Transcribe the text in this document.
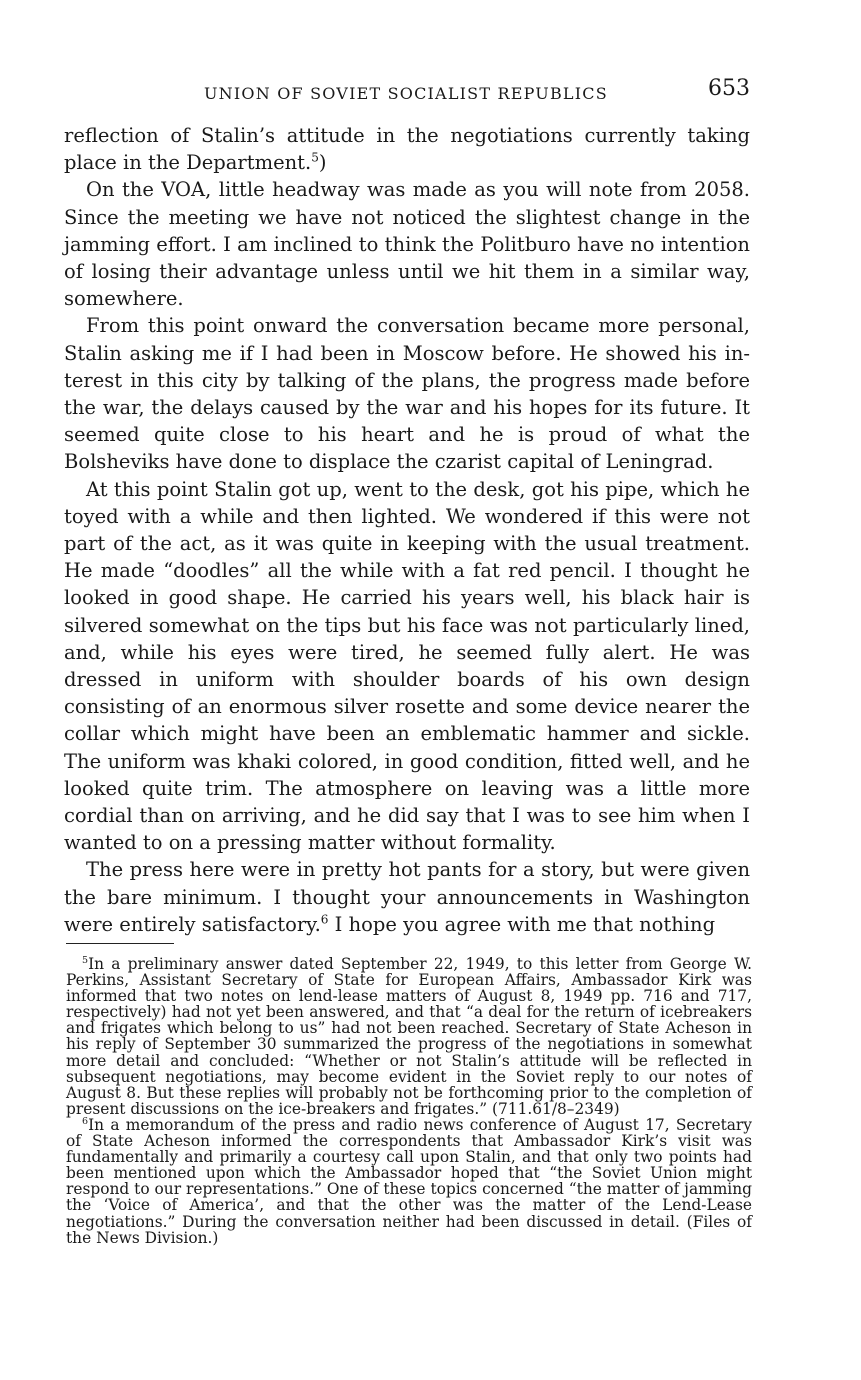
UNION OF SOVIET SOCIALIST REPUBLICS	653

reflection of Stalin’s attitude in the negotiations currently taking place in the Department.$^5$)

On the VOA, little headway was made as you will note from 2058. Since the meeting we have not noticed the slightest change in the jamming effort. I am inclined to think the Politburo have no intention of losing their advantage unless until we hit them in a similar way, somewhere.

From this point onward the conversation became more personal, Stalin asking me if I had been in Moscow before. He showed his interest in this city by talking of the plans, the progress made before the war, the delays caused by the war and his hopes for its future. It seemed quite close to his heart and he is proud of what the Bolsheviks have done to displace the czarist capital of Leningrad.

At this point Stalin got up, went to the desk, got his pipe, which he toyed with a while and then lighted. We wondered if this were not part of the act, as it was quite in keeping with the usual treatment. He made “doodles” all the while with a fat red pencil. I thought he looked in good shape. He carried his years well, his black hair is silvered somewhat on the tips but his face was not particularly lined, and, while his eyes were tired, he seemed fully alert. He was dressed in uniform with shoulder boards of his own design consisting of an enormous silver rosette and some device nearer the collar which might have been an emblematic hammer and sickle. The uniform was khaki colored, in good condition, fitted well, and he looked quite trim. The atmosphere on leaving was a little more cordial than on arriving, and he did say that I was to see him when I wanted to on a pressing matter without formality.

The press here were in pretty hot pants for a story, but were given the bare minimum. I thought your announcements in Washington were entirely satisfactory.$^6$ I hope you agree with me that nothing

$^5$In a preliminary answer dated September 22, 1949, to this letter from George W. Perkins, Assistant Secretary of State for European Affairs, Ambassador Kirk was informed that two notes on lend-lease matters of August 8, 1949 pp. 716 and 717, respectively) had not yet been answered, and that “a deal for the return of icebreakers and frigates which belong to us” had not been reached. Secretary of State Acheson in his reply of September 30 summarized the progress of the negotiations in somewhat more detail and concluded: “Whether or not Stalin’s attitude will be reflected in subsequent negotiations, may become evident in the Soviet reply to our notes of August 8. But these replies will probably not be forthcoming prior to the completion of present discussions on the ice-breakers and frigates.” (711.61/8–2349)

$^6$In a memorandum of the press and radio news conference of August 17, Secretary of State Acheson informed the correspondents that Ambassador Kirk’s visit was fundamentally and primarily a courtesy call upon Stalin, and that only two points had been mentioned upon which the Ambassador hoped that “the Soviet Union might respond to our representations.” One of these topics concerned “the matter of jamming the ‘Voice of America’, and that the other was the matter of the Lend-Lease negotiations.” During the conversation neither had been discussed in detail. (Files of the News Division.)
